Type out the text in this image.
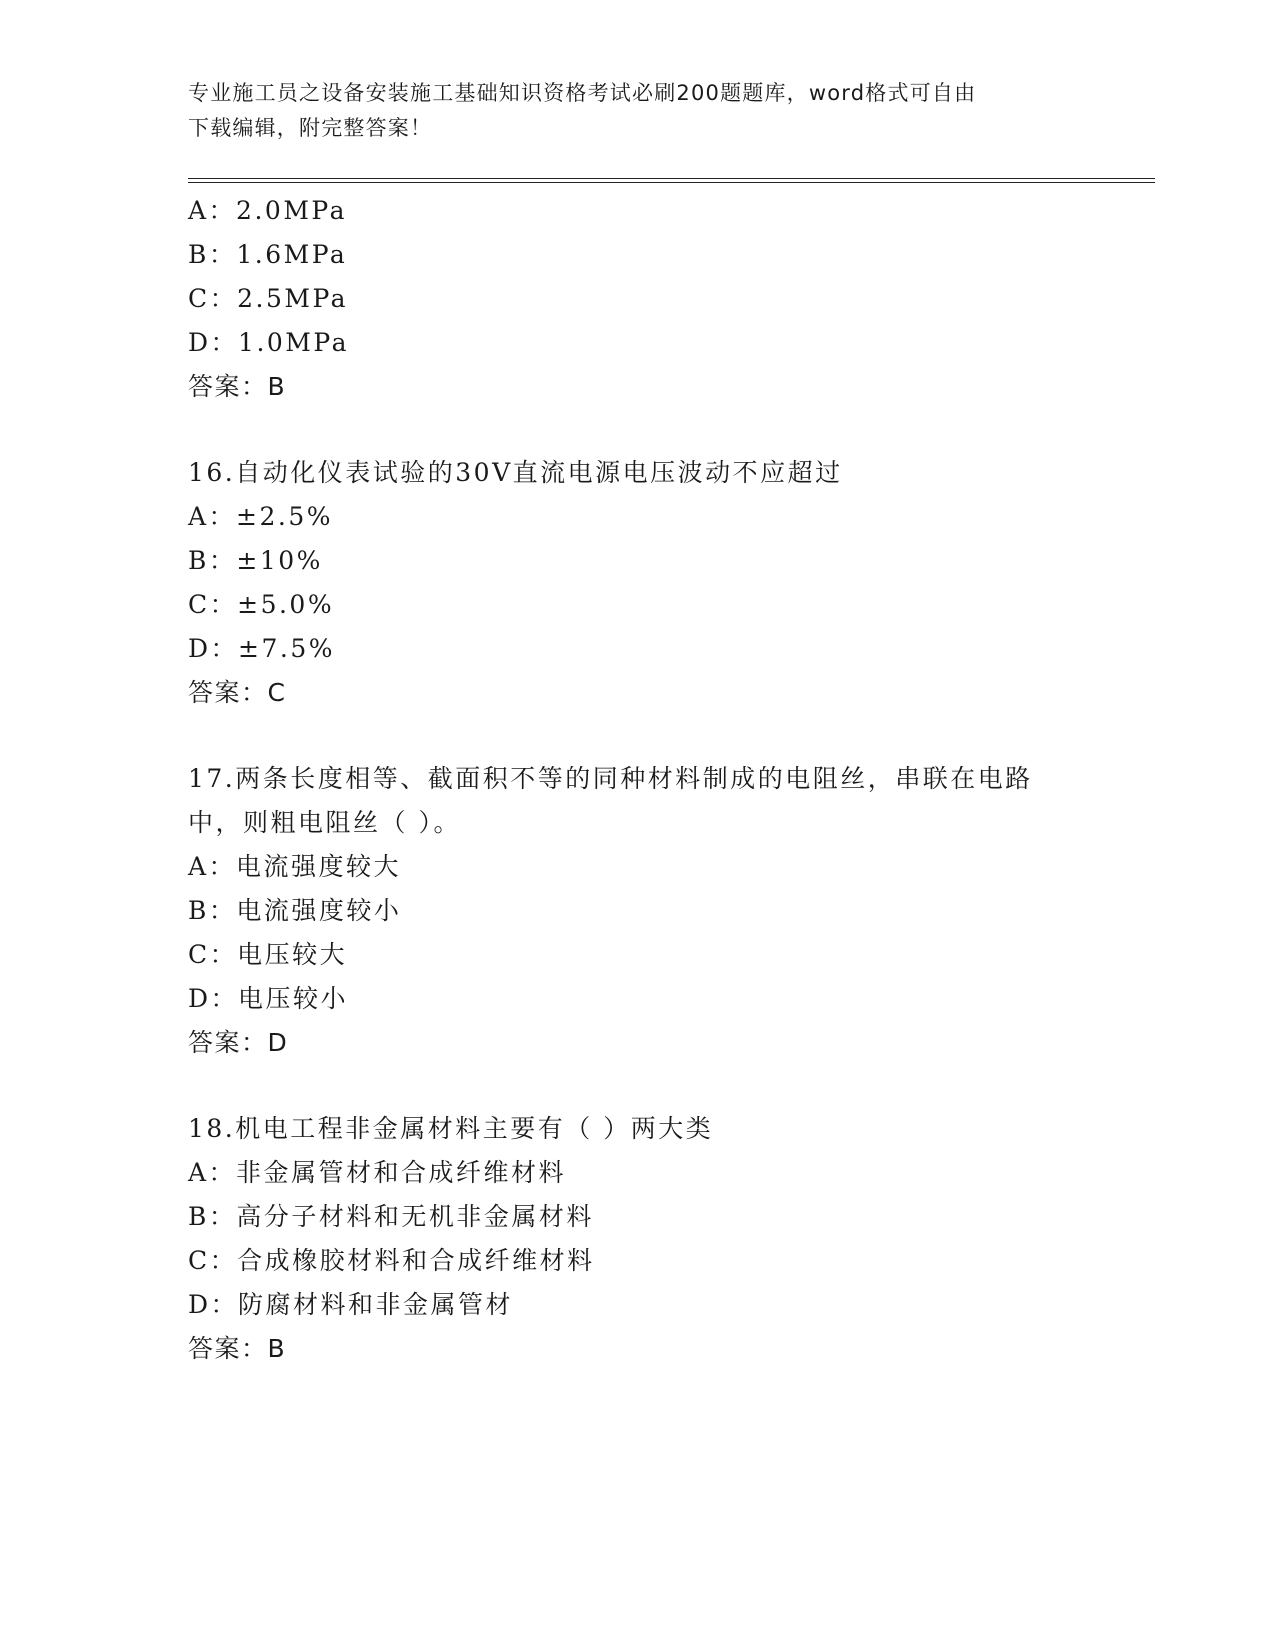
专业施工员之设备安装施工基础知识资格考试必刷200题题库，word格式可自由
下载编辑，附完整答案！
A：2.0MPa
B：1.6MPa
C：2.5MPa
D：1.0MPa
答案：B
16.自动化仪表试验的30V直流电源电压波动不应超过
A：±2.5%
B：±10%
C：±5.0%
D：±7.5%
答案：C
17.两条长度相等、截面积不等的同种材料制成的电阻丝，串联在电路
中，则粗电阻丝（ ）。
A：电流强度较大
B：电流强度较小
C：电压较大
D：电压较小
答案：D
18.机电工程非金属材料主要有（ ）两大类
A：非金属管材和合成纤维材料
B：高分子材料和无机非金属材料
C：合成橡胶材料和合成纤维材料
D：防腐材料和非金属管材
答案：B
